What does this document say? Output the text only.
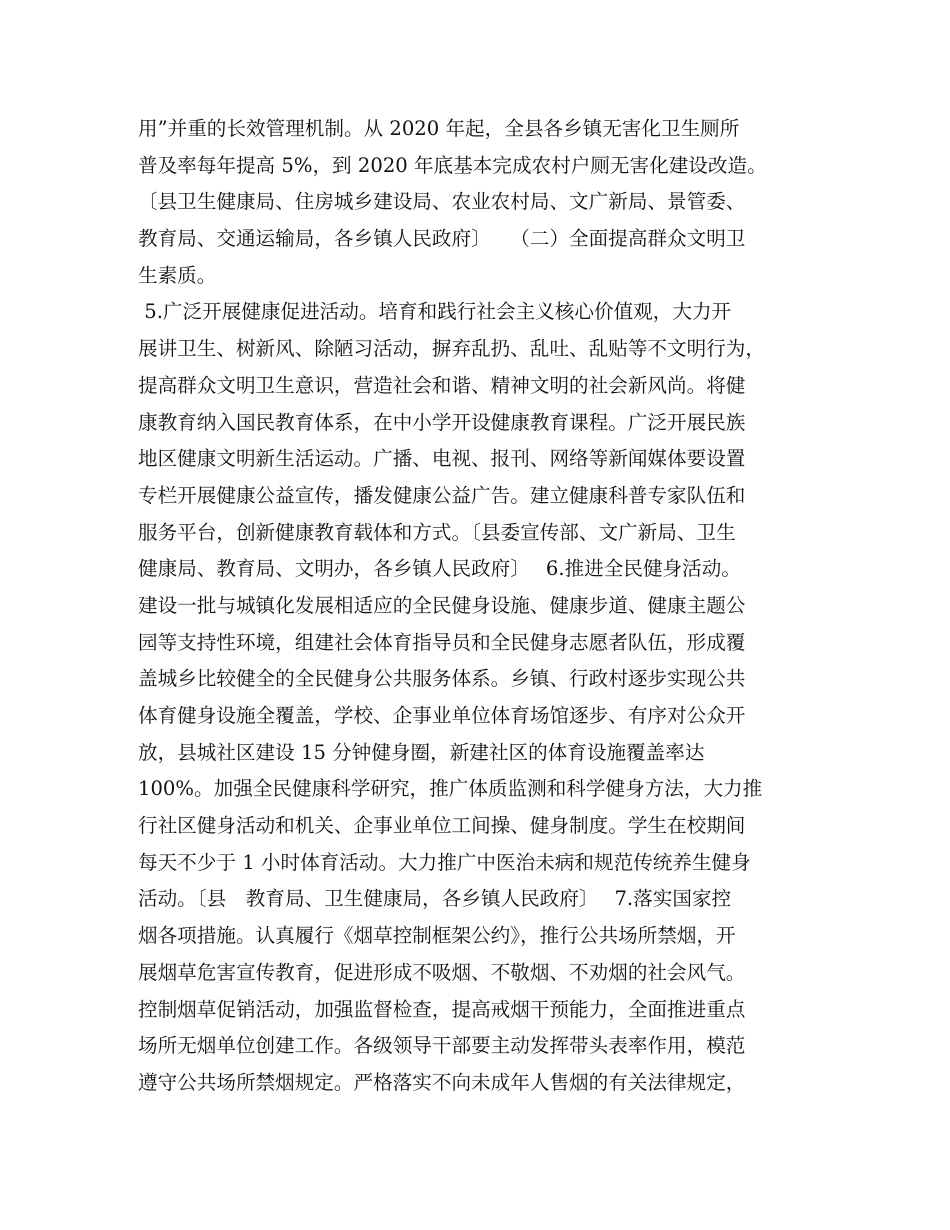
用”并重的长效管理机制。从 2020 年起，全县各乡镇无害化卫生厕所
普及率每年提高 5%，到 2020 年底基本完成农村户厕无害化建设改造。
〔县卫生健康局、住房城乡建设局、农业农村局、文广新局、景管委、
教育局、交通运输局，各乡镇人民政府〕　　（二）全面提高群众文明卫
生素质。
5.广泛开展健康促进活动。培育和践行社会主义核心价值观，大力开
展讲卫生、树新风、除陋习活动，摒弃乱扔、乱吐、乱贴等不文明行为，
提高群众文明卫生意识，营造社会和谐、精神文明的社会新风尚。将健
康教育纳入国民教育体系，在中小学开设健康教育课程。广泛开展民族
地区健康文明新生活运动。广播、电视、报刊、网络等新闻媒体要设置
专栏开展健康公益宣传，播发健康公益广告。建立健康科普专家队伍和
服务平台，创新健康教育载体和方式。〔县委宣传部、文广新局、卫生
健康局、教育局、文明办，各乡镇人民政府〕　 6.推进全民健身活动。
建设一批与城镇化发展相适应的全民健身设施、健康步道、健康主题公
园等支持性环境，组建社会体育指导员和全民健身志愿者队伍，形成覆
盖城乡比较健全的全民健身公共服务体系。乡镇、行政村逐步实现公共
体育健身设施全覆盖，学校、企事业单位体育场馆逐步、有序对公众开
放，县城社区建设 15 分钟健身圈，新建社区的体育设施覆盖率达
100%。加强全民健康科学研究，推广体质监测和科学健身方法，大力推
行社区健身活动和机关、企事业单位工间操、健身制度。学生在校期间
每天不少于 1 小时体育活动。大力推广中医治未病和规范传统养生健身
活动。〔县　教育局、卫生健康局，各乡镇人民政府〕　 7.落实国家控
烟各项措施。认真履行《烟草控制框架公约》，推行公共场所禁烟，开
展烟草危害宣传教育，促进形成不吸烟、不敬烟、不劝烟的社会风气。
控制烟草促销活动，加强监督检查，提高戒烟干预能力，全面推进重点
场所无烟单位创建工作。各级领导干部要主动发挥带头表率作用，模范
遵守公共场所禁烟规定。严格落实不向未成年人售烟的有关法律规定，
